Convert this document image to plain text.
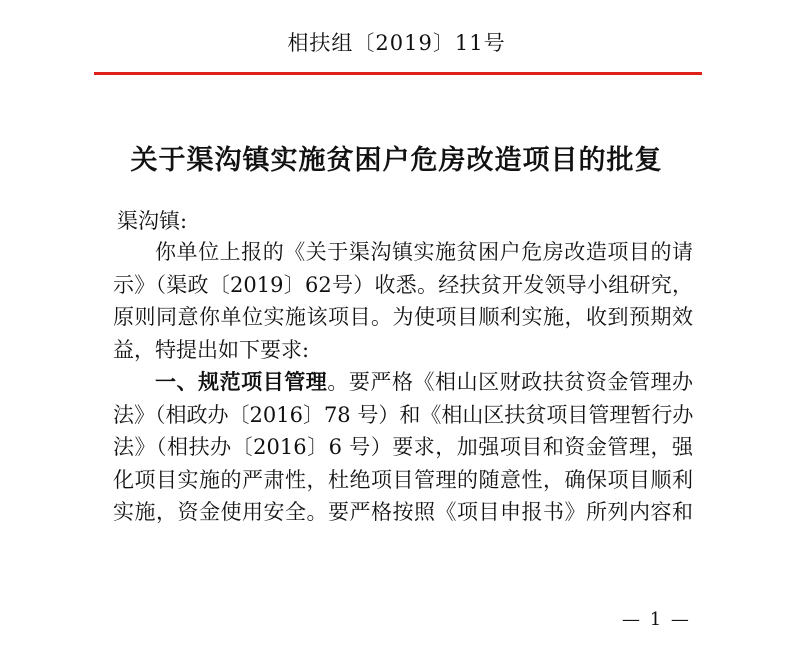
相扶组〔2019〕11号
关于渠沟镇实施贫困户危房改造项目的批复
渠沟镇:
你单位上报的《关于渠沟镇实施贫困户危房改造项目的请
示》（渠政〔2019〕62号）收悉。经扶贫开发领导小组研究，
原则同意你单位实施该项目。为使项目顺利实施，收到预期效
益，特提出如下要求:
一、规范项目管理。要严格《相山区财政扶贫资金管理办
法》（相政办〔2016〕78 号）和《相山区扶贫项目管理暂行办
法》（相扶办〔2016〕6 号）要求，加强项目和资金管理，强
化项目实施的严肃性，杜绝项目管理的随意性，确保项目顺利
实施，资金使用安全。要严格按照《项目申报书》所列内容和
— 1 —
